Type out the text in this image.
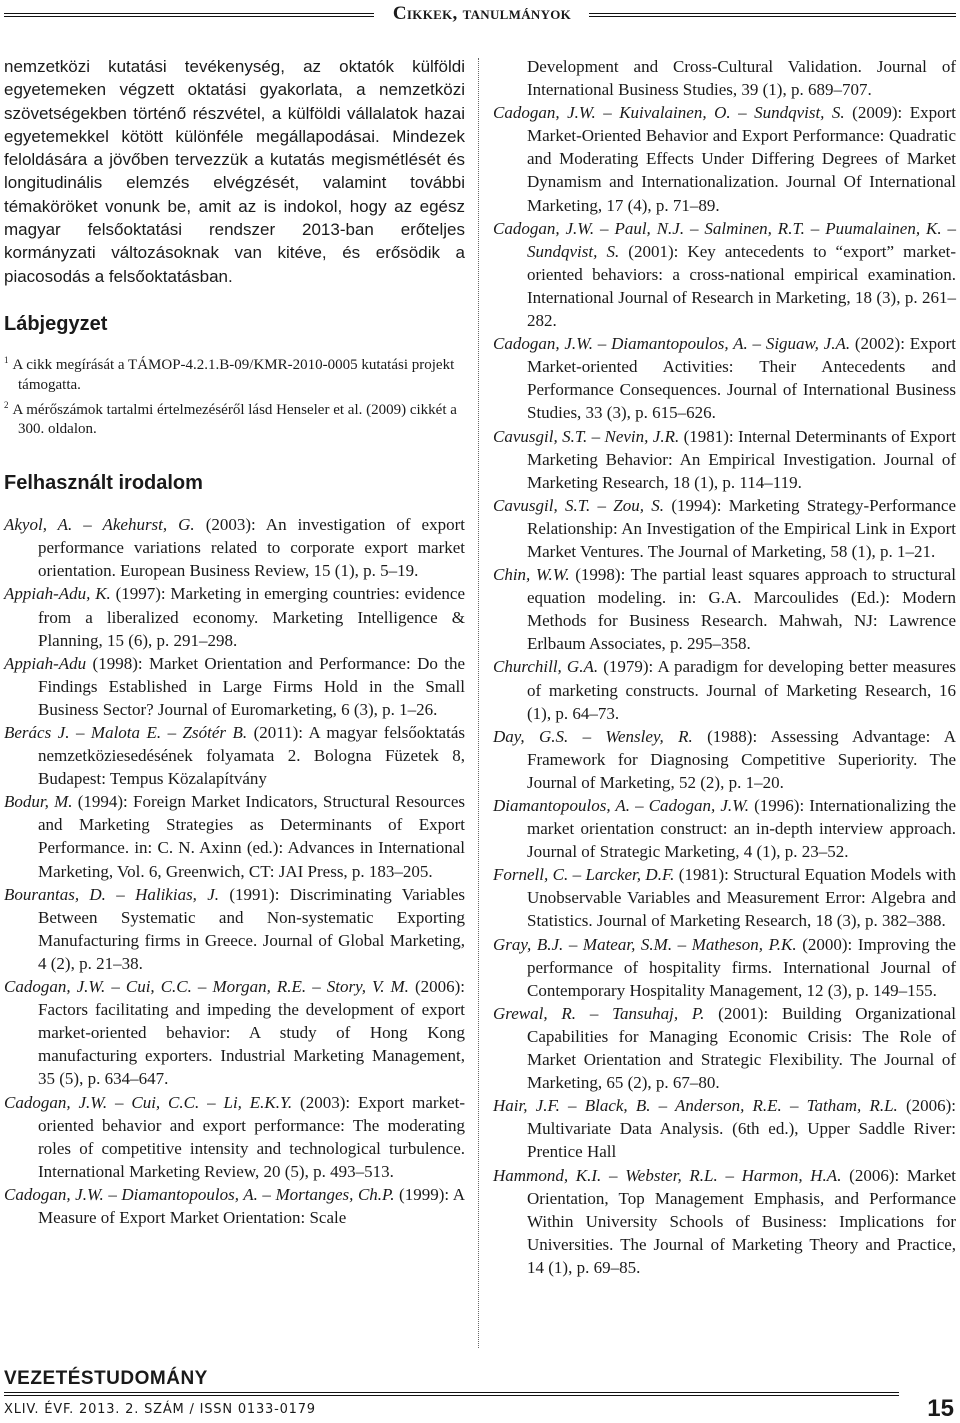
Cikkek, tanulmányok

nemzetközi kutatási tevékenység, az oktatók külföldi egyetemeken végzett oktatási gyakorlata, a nemzetközi szövetségekben történő részvétel, a külföldi vállalatok hazai egyetemekkel kötött különféle megállapodásai. Mindezek feloldására a jövőben tervezzük a kutatás megismétlését és longitudinális elemzés elvégzését, valamint további témaköröket vonunk be, amit az is indokol, hogy az egész magyar felsőoktatási rendszer 2013-ban erőteljes kormányzati változásoknak van kitéve, és erősödik a piacosodás a felsőoktatásban.

Lábjegyzet

$^1$ A cikk megírását a TÁMOP-4.2.1.B-09/KMR-2010-0005 kutatási projekt támogatta.

$^2$ A mérőszámok tartalmi értelmezéséről lásd Henseler et al. (2009) cikkét a 300. oldalon.

Felhasznált irodalom

Akyol, A. – Akehurst, G. (2003): An investigation of export performance variations related to corporate export market orientation. European Business Review, 15 (1), p. 5–19.

Appiah-Adu, K. (1997): Marketing in emerging countries: evidence from a liberalized economy. Marketing Intelligence & Planning, 15 (6), p. 291–298.

Appiah-Adu (1998): Market Orientation and Performance: Do the Findings Established in Large Firms Hold in the Small Business Sector? Journal of Euromarketing, 6 (3), p. 1–26.

Berács J. – Malota E. – Zsótér B. (2011): A magyar felsőoktatás nemzetköziesedésének folyamata 2. Bologna Füzetek 8, Budapest: Tempus Közalapítvány

Bodur, M. (1994): Foreign Market Indicators, Structural Resources and Marketing Strategies as Determinants of Export Performance. in: C. N. Axinn (ed.): Advances in International Marketing, Vol. 6, Greenwich, CT: JAI Press, p. 183–205.

Bourantas, D. – Halikias, J. (1991): Discriminating Variables Between Systematic and Non-systematic Exporting Manufacturing firms in Greece. Journal of Global Marketing, 4 (2), p. 21–38.

Cadogan, J.W. – Cui, C.C. – Morgan, R.E. – Story, V. M. (2006): Factors facilitating and impeding the development of export market-oriented behavior: A study of Hong Kong manufacturing exporters. Industrial Marketing Management, 35 (5), p. 634–647.

Cadogan, J.W. – Cui, C.C. – Li, E.K.Y. (2003): Export market-oriented behavior and export performance: The moderating roles of competitive intensity and technological turbulence. International Marketing Review, 20 (5), p. 493–513.

Cadogan, J.W. – Diamantopoulos, A. – Mortanges, Ch.P. (1999): A Measure of Export Market Orientation: Scale

Development and Cross-Cultural Validation. Journal of International Business Studies, 39 (1), p. 689–707.

Cadogan, J.W. – Kuivalainen, O. – Sundqvist, S. (2009): Export Market-Oriented Behavior and Export Performance: Quadratic and Moderating Effects Under Differing Degrees of Market Dynamism and Internationalization. Journal Of International Marketing, 17 (4), p. 71–89.

Cadogan, J.W. – Paul, N.J. – Salminen, R.T. – Puumalainen, K. – Sundqvist, S. (2001): Key antecedents to “export” market-oriented behaviors: a cross-national empirical examination. International Journal of Research in Marketing, 18 (3), p. 261–282.

Cadogan, J.W. – Diamantopoulos, A. – Siguaw, J.A. (2002): Export Market-oriented Activities: Their Antecedents and Performance Consequences. Journal of International Business Studies, 33 (3), p. 615–626.

Cavusgil, S.T. – Nevin, J.R. (1981): Internal Determinants of Export Marketing Behavior: An Empirical Investigation. Journal of Marketing Research, 18 (1), p. 114–119.

Cavusgil, S.T. – Zou, S. (1994): Marketing Strategy-Performance Relationship: An Investigation of the Empirical Link in Export Market Ventures. The Journal of Marketing, 58 (1), p. 1–21.

Chin, W.W. (1998): The partial least squares approach to structural equation modeling. in: G.A. Marcoulides (Ed.): Modern Methods for Business Research. Mahwah, NJ: Lawrence Erlbaum Associates, p. 295–358.

Churchill, G.A. (1979): A paradigm for developing better measures of marketing constructs. Journal of Marketing Research, 16 (1), p. 64–73.

Day, G.S. – Wensley, R. (1988): Assessing Advantage: A Framework for Diagnosing Competitive Superiority. The Journal of Marketing, 52 (2), p. 1–20.

Diamantopoulos, A. – Cadogan, J.W. (1996): Internationalizing the market orientation construct: an in-depth interview approach. Journal of Strategic Marketing, 4 (1), p. 23–52.

Fornell, C. – Larcker, D.F. (1981): Structural Equation Models with Unobservable Variables and Measurement Error: Algebra and Statistics. Journal of Marketing Research, 18 (3), p. 382–388.

Gray, B.J. – Matear, S.M. – Matheson, P.K. (2000): Improving the performance of hospitality firms. International Journal of Contemporary Hospitality Management, 12 (3), p. 149–155.

Grewal, R. – Tansuhaj, P. (2001): Building Organizational Capabilities for Managing Economic Crisis: The Role of Market Orientation and Strategic Flexibility. The Journal of Marketing, 65 (2), p. 67–80.

Hair, J.F. – Black, B. – Anderson, R.E. – Tatham, R.L. (2006): Multivariate Data Analysis. (6th ed.), Upper Saddle River: Prentice Hall

Hammond, K.I. – Webster, R.L. – Harmon, H.A. (2006): Market Orientation, Top Management Emphasis, and Performance Within University Schools of Business: Implications for Universities. The Journal of Marketing Theory and Practice, 14 (1), p. 69–85.

VEZETÉSTUDOMÁNY
XLIV. ÉVF. 2013. 2. SZÁM / ISSN 0133-0179	15
